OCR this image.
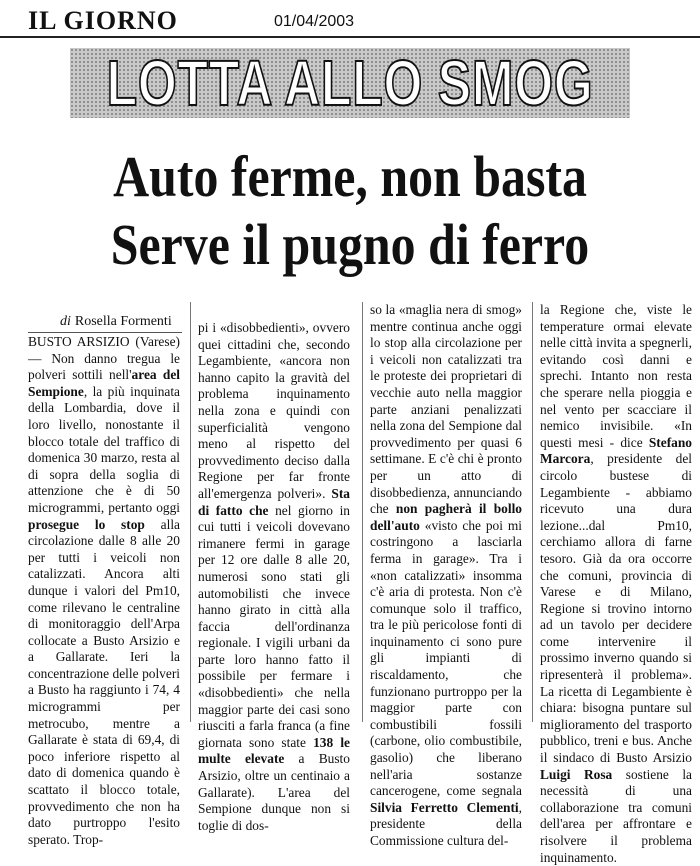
IL GIORNO	01/04/2003
LOTTA ALLO SMOG
Auto ferme, non basta
Serve il pugno di ferro
di Rosella Formenti

BUSTO ARSIZIO (Varese) — Non danno tregua le polveri sottili nell'area del Sempione, la più inquinata della Lombardia, dove il loro livello, nonostante il blocco totale del traffico di domenica 30 marzo, resta al di sopra della soglia di attenzione che è di 50 microgrammi, pertanto oggi prosegue lo stop alla circolazione dalle 8 alle 20 per tutti i veicoli non catalizzati. Ancora alti dunque i valori del Pm10, come rilevano le centraline di monitoraggio dell'Arpa collocate a Busto Arsizio e a Gallarate. Ieri la concentrazione delle polveri a Busto ha raggiunto i 74, 4 microgrammi per metrocubo, mentre a Gallarate è stata di 69,4, di poco inferiore rispetto al dato di domenica quando è scattato il blocco totale, provvedimento che non ha dato purtroppo l'esito sperato. Trop-

pi i «disobbedienti», ovvero quei cittadini che, secondo Legambiente, «ancora non hanno capito la gravità del problema inquinamento nella zona e quindi con superficialità vengono meno al rispetto del provvedimento deciso dalla Regione per far fronte all'emergenza polveri». Sta di fatto che nel giorno in cui tutti i veicoli dovevano rimanere fermi in garage per 12 ore dalle 8 alle 20, numerosi sono stati gli automobilisti che invece hanno girato in città alla faccia dell'ordinanza regionale. I vigili urbani da parte loro hanno fatto il possibile per fermare i «disobbedienti» che nella maggior parte dei casi sono riusciti a farla franca (a fine giornata sono state 138 le multe elevate a Busto Arsizio, oltre un centinaio a Gallarate). L'area del Sempione dunque non si toglie di dos-

so la «maglia nera di smog» mentre continua anche oggi lo stop alla circolazione per i veicoli non catalizzati tra le proteste dei proprietari di vecchie auto nella maggior parte anziani penalizzati nella zona del Sempione dal provvedimento per quasi 6 settimane. E c'è chi è pronto per un atto di disobbedienza, annunciando che non pagherà il bollo dell'auto «visto che poi mi costringono a lasciarla ferma in garage». Tra i «non catalizzati» insomma c'è aria di protesta. Non c'è comunque solo il traffico, tra le più pericolose fonti di inquinamento ci sono pure gli impianti di riscaldamento, che funzionano purtroppo per la maggior parte con combustibili fossili (carbone, olio combustibile, gasolio) che liberano nell'aria sostanze cancerogene, come segnala Silvia Ferretto Clementi, presidente della Commissione cultura del-

la Regione che, viste le temperature ormai elevate nelle città invita a spegnerli, evitando così danni e sprechi. Intanto non resta che sperare nella pioggia e nel vento per scacciare il nemico invisibile. «In questi mesi - dice Stefano Marcora, presidente del circolo bustese di Legambiente - abbiamo ricevuto una dura lezione...dal Pm10, cerchiamo allora di farne tesoro. Già da ora occorre che comuni, provincia di Varese e di Milano, Regione si trovino intorno ad un tavolo per decidere come intervenire il prossimo inverno quando si ripresenterà il problema». La ricetta di Legambiente è chiara: bisogna puntare sul miglioramento del trasporto pubblico, treni e bus. Anche il sindaco di Busto Arsizio Luigi Rosa sostiene la necessità di una collaborazione tra comuni dell'area per affrontare e risolvere il problema inquinamento.
